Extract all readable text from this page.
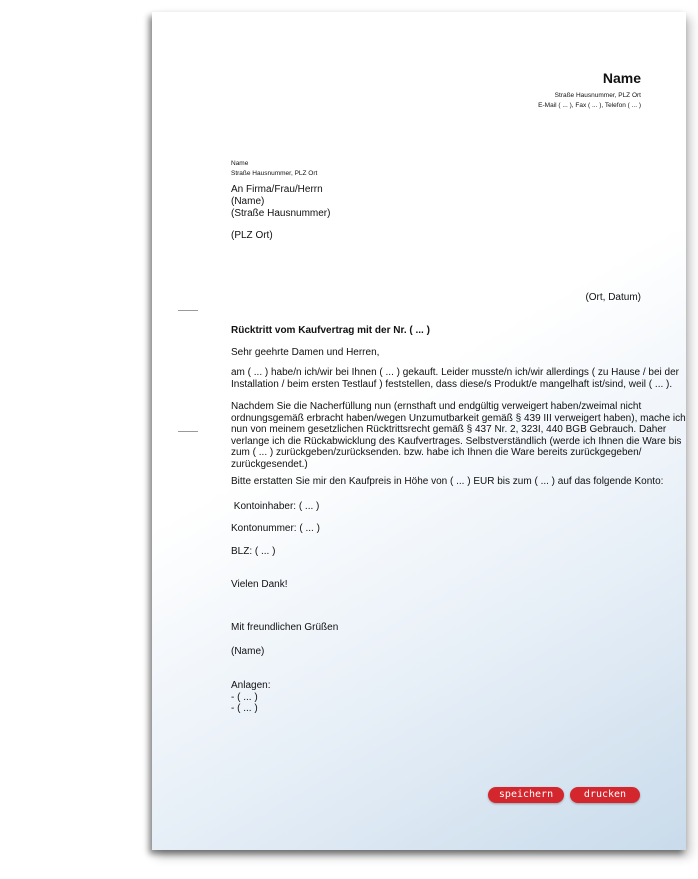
Name
Straße Hausnummer, PLZ Ort
E-Mail ( ... ), Fax ( ... ), Telefon ( ... )
Name
Straße Hausnummer, PLZ Ort
An Firma/Frau/Herrn
(Name)
(Straße Hausnummer)
(PLZ Ort)
(Ort, Datum)
Rücktritt vom Kaufvertrag mit der Nr. ( ... )
Sehr geehrte Damen und Herren,
am ( ... ) habe/n ich/wir bei Ihnen ( ... ) gekauft. Leider musste/n ich/wir allerdings ( zu Hause / bei der
Installation / beim ersten Testlauf ) feststellen, dass diese/s Produkt/e mangelhaft ist/sind, weil ( ... ).
Nachdem Sie die Nacherfüllung nun (ernsthaft und endgültig verweigert haben/zweimal nicht
ordnungsgemäß erbracht haben/wegen Unzumutbarkeit gemäß § 439 III verweigert haben), mache ich
nun von meinem gesetzlichen Rücktrittsrecht gemäß § 437 Nr. 2, 323I, 440 BGB Gebrauch. Daher
verlange ich die Rückabwicklung des Kaufvertrages. Selbstverständlich (werde ich Ihnen die Ware bis
zum ( ... ) zurückgeben/zurücksenden. bzw. habe ich Ihnen die Ware bereits zurückgegeben/
zurückgesendet.)
Bitte erstatten Sie mir den Kaufpreis in Höhe von ( ... ) EUR bis zum ( ... ) auf das folgende Konto:
Kontoinhaber: ( ... )
Kontonummer: ( ... )
BLZ: ( ... )
Vielen Dank!
Mit freundlichen Grüßen
(Name)
Anlagen:
- ( ... )
- ( ... )
speichern	drucken
